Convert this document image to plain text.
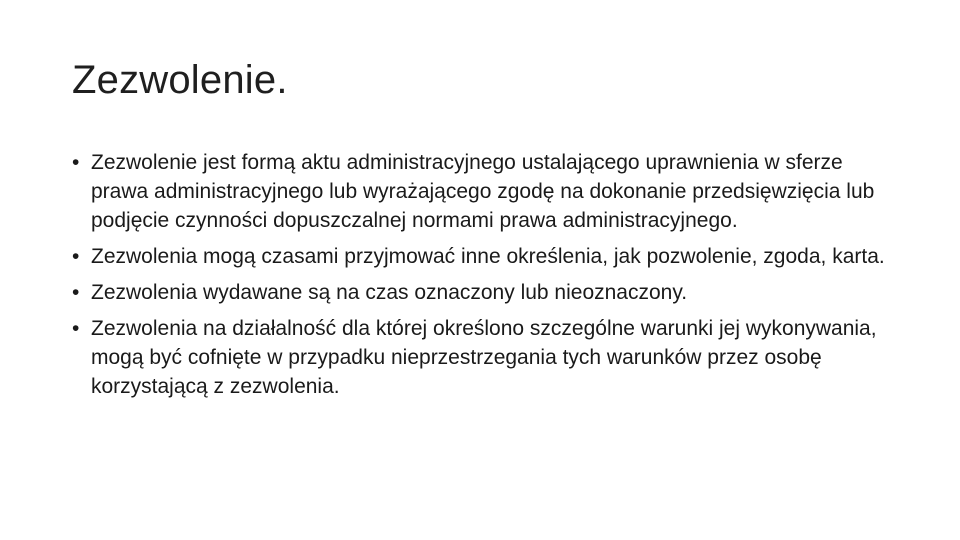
Zezwolenie.
• Zezwolenie jest formą aktu administracyjnego ustalającego uprawnienia w sferze prawa administracyjnego lub wyrażającego zgodę na dokonanie przedsięwzięcia lub podjęcie czynności dopuszczalnej normami prawa administracyjnego.
• Zezwolenia mogą czasami przyjmować inne określenia, jak pozwolenie, zgoda, karta.
• Zezwolenia wydawane są na czas oznaczony lub nieoznaczony.
• Zezwolenia na działalność dla której określono szczególne warunki jej wykonywania, mogą być cofnięte w przypadku nieprzestrzegania tych warunków przez osobę korzystającą z zezwolenia.
